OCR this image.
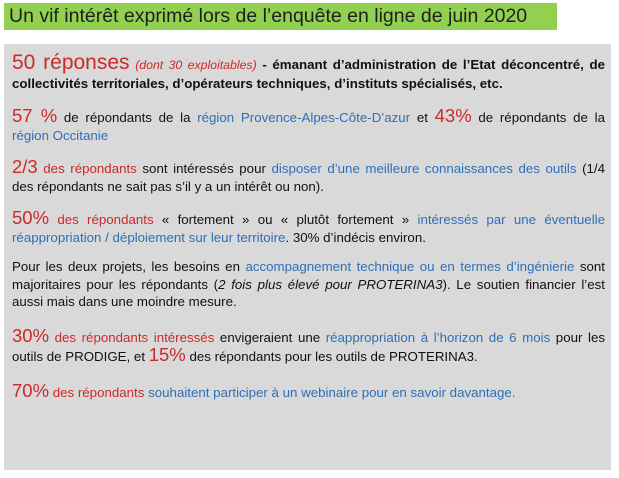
Un vif intérêt exprimé lors de l’enquête en ligne de juin 2020

50 réponses (dont 30 exploitables) - émanant d’administration de l’Etat déconcentré, de collectivités territoriales, d’opérateurs techniques, d’instituts spécialisés, etc.

57 % de répondants de la région Provence-Alpes-Côte-D’azur et 43% de répondants de la région Occitanie

2/3 des répondants sont intéressés pour disposer d’une meilleure connaissances des outils (1/4 des répondants ne sait pas s’il y a un intérêt ou non).

50% des répondants « fortement » ou « plutôt fortement » intéressés par une éventuelle réappropriation / déploiement sur leur territoire. 30% d’indécis environ.

Pour les deux projets, les besoins en accompagnement technique ou en termes d’ingénierie sont majoritaires pour les répondants (2 fois plus élevé pour PROTERINA3). Le soutien financier l’est aussi mais dans une moindre mesure.

30% des répondants intéressés envigeraient une réappropriation à l’horizon de 6 mois pour les outils de PRODIGE, et 15% des répondants pour les outils de PROTERINA3.

70% des répondants souhaitent participer à un webinaire pour en savoir davantage.
